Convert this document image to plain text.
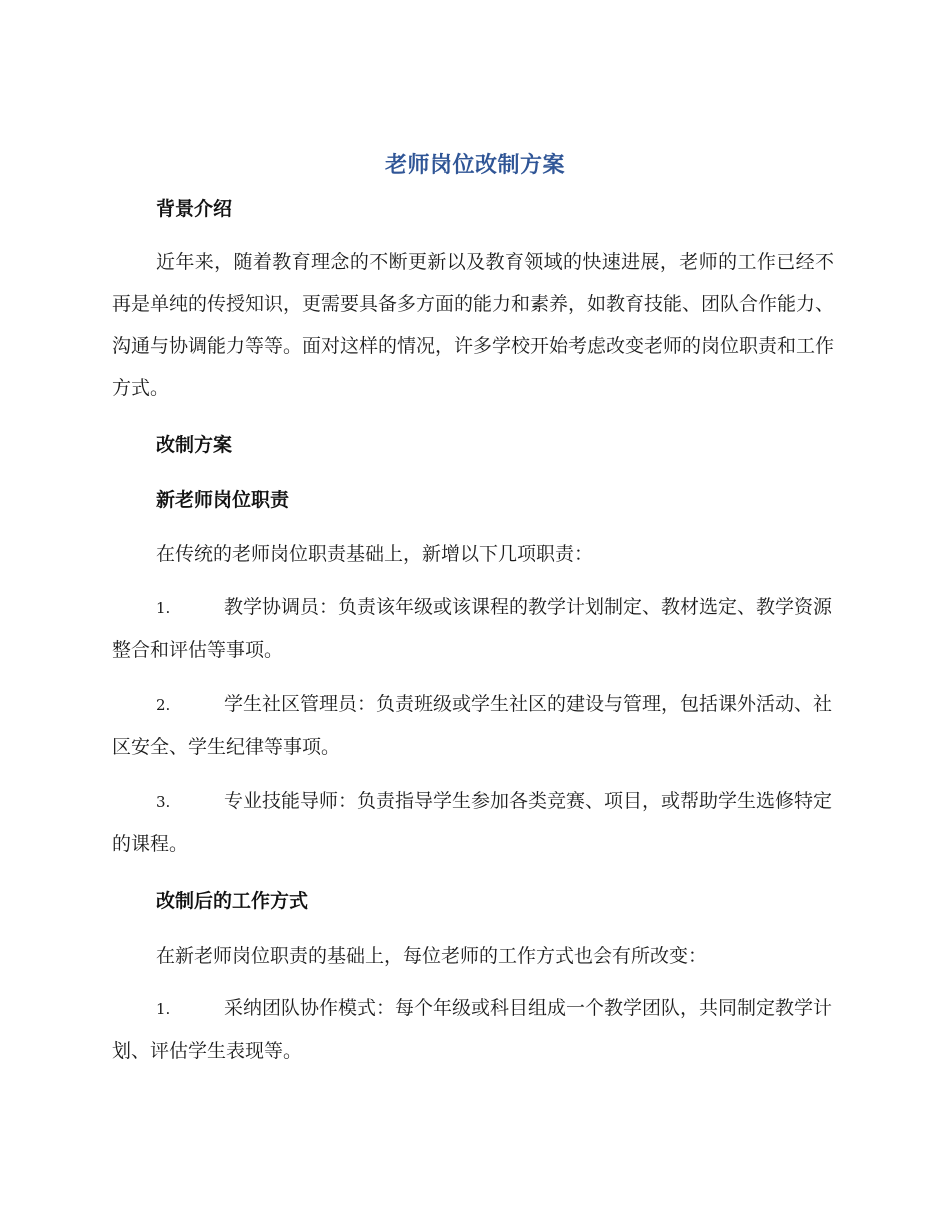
老师岗位改制方案
背景介绍
近年来，随着教育理念的不断更新以及教育领域的快速进展，老师的工作已经不再是单纯的传授知识，更需要具备多方面的能力和素养，如教育技能、团队合作能力、沟通与协调能力等等。面对这样的情况，许多学校开始考虑改变老师的岗位职责和工作方式。
改制方案
新老师岗位职责
在传统的老师岗位职责基础上，新增以下几项职责：
1.	教学协调员：负责该年级或该课程的教学计划制定、教材选定、教学资源整合和评估等事项。
2.	学生社区管理员：负责班级或学生社区的建设与管理，包括课外活动、社区安全、学生纪律等事项。
3.	专业技能导师：负责指导学生参加各类竞赛、项目，或帮助学生选修特定的课程。
改制后的工作方式
在新老师岗位职责的基础上，每位老师的工作方式也会有所改变：
1.	采纳团队协作模式：每个年级或科目组成一个教学团队，共同制定教学计划、评估学生表现等。
